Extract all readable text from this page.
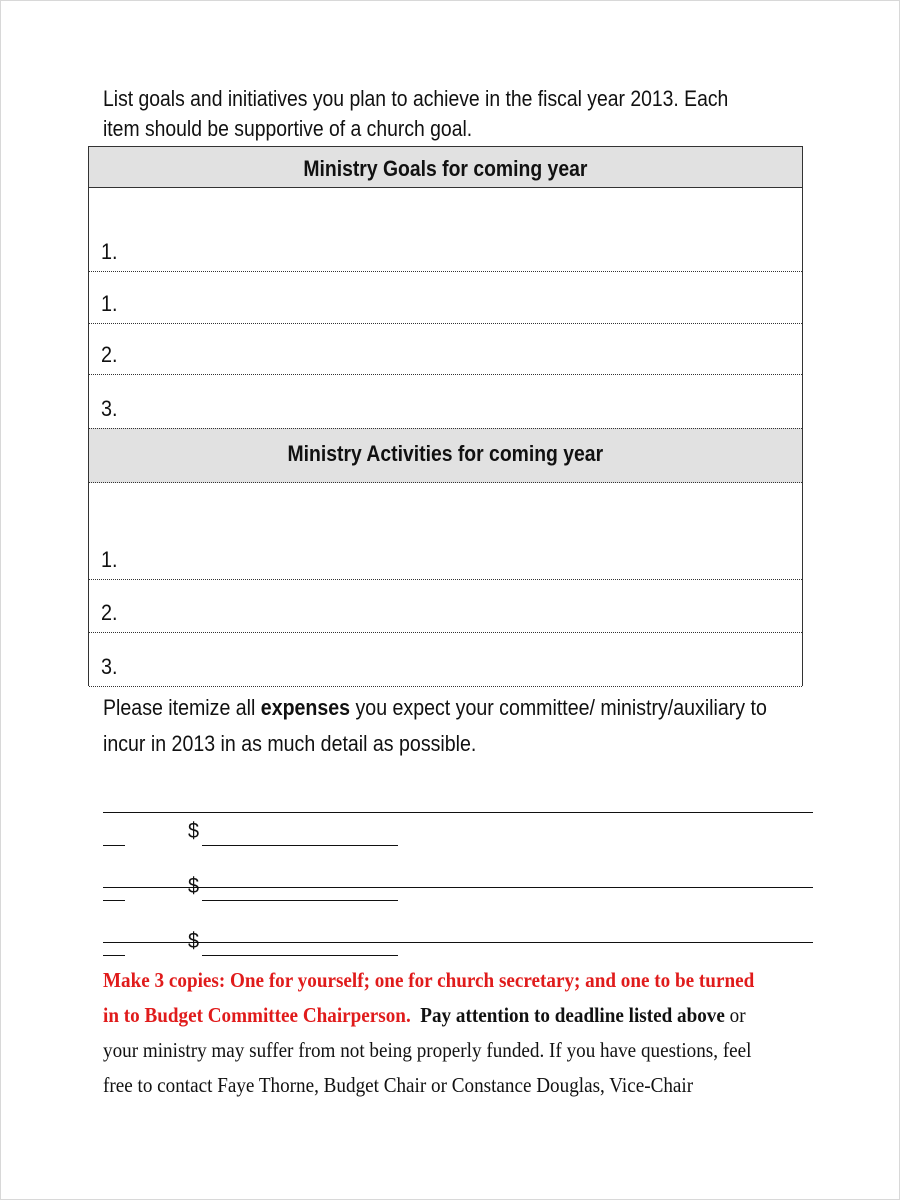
List goals and initiatives you plan to achieve in the fiscal year 2013. Each
item should be supportive of a church goal.
Ministry Goals for coming year
1.
1.
2.
3.
Ministry Activities for coming year
1.
2.
3.
Please itemize all expenses you expect your committee/ ministry/auxiliary to
incur in 2013 in as much detail as possible.
$
$
$
Make 3 copies: One for yourself; one for church secretary; and one to be turned
in to Budget Committee Chairperson. Pay attention to deadline listed above or
your ministry may suffer from not being properly funded. If you have questions, feel
free to contact Faye Thorne, Budget Chair or Constance Douglas, Vice-Chair
